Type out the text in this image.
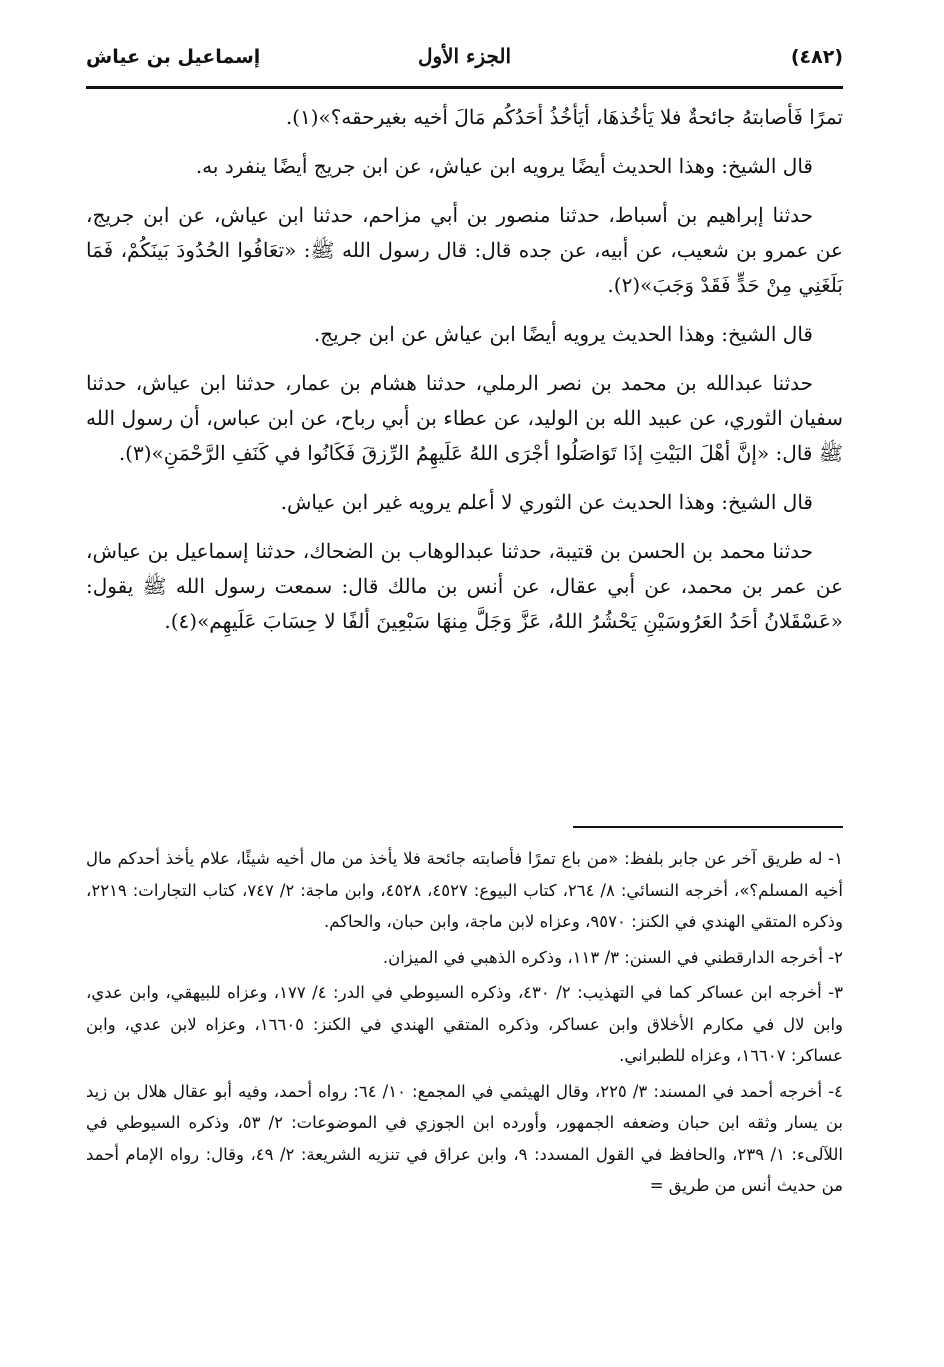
(٤٨٢)
الجزء الأول
إسماعيل بن عياش

تمرًا فَأصابتهُ جائحةٌ فلا يَأخُذهَا، أيَأخُذُ أحَدُكُم مَالَ أخيه بغيرحقه؟»(١).

قال الشيخ: وهذا الحديث أيضًا يرويه ابن عياش، عن ابن جريج أيضًا ينفرد به.

حدثنا إبراهيم بن أسباط، حدثنا منصور بن أبي مزاحم، حدثنا ابن عياش، عن ابن جريج، عن عمرو بن شعيب، عن أبيه، عن جده قال: قال رسول الله ﷺ: «تعَافُوا الحُدُودَ بَينَكُمْ، فَمَا بَلَغَنِي مِنْ حَدٍّ فَقَدْ وَجَبَ»(٢).

قال الشيخ: وهذا الحديث يرويه أيضًا ابن عياش عن ابن جريج.

حدثنا عبدالله بن محمد بن نصر الرملي، حدثنا هشام بن عمار، حدثنا ابن عياش، حدثنا سفيان الثوري، عن عبيد الله بن الوليد، عن عطاء بن أبي رباح، عن ابن عباس، أن رسول الله ﷺ قال: «إنَّ أهْلَ البَيْتِ إذَا تَوَاصَلُوا أجْرَى اللهُ عَلَيهِمُ الرِّزقَ فَكَانُوا في كَنَفِ الرَّحْمَنِ»(٣).

قال الشيخ: وهذا الحديث عن الثوري لا أعلم يرويه غير ابن عياش.

حدثنا محمد بن الحسن بن قتيبة، حدثنا عبدالوهاب بن الضحاك، حدثنا إسماعيل بن عياش، عن عمر بن محمد، عن أبي عقال، عن أنس بن مالك قال: سمعت رسول الله ﷺ يقول: «عَسْقَلانُ أحَدُ العَرُوسَيْنِ يَحْشُرُ اللهُ، عَزَّ وَجَلَّ مِنهَا سَبْعِينَ ألفًا لا حِسَابَ عَلَيهِم»(٤).

١- له طريق آخر عن جابر بلفظ: «من باع تمرًا فأصابته جائحة فلا يأخذ من مال أخيه شيئًا، علام يأخذ أحدكم مال أخيه المسلم؟»، أخرجه النسائي: ٨/ ٢٦٤، كتاب البيوع: ٤٥٢٧، ٤٥٢٨، وابن ماجة: ٢/ ٧٤٧، كتاب التجارات: ٢٢١٩، وذكره المتقي الهندي في الكنز: ٩٥٧٠، وعزاه لابن ماجة، وابن حبان، والحاكم.

٢- أخرجه الدارقطني في السنن: ٣/ ١١٣، وذكره الذهبي في الميزان.

٣- أخرجه ابن عساكر كما في التهذيب: ٢/ ٤٣٠، وذكره السيوطي في الدر: ٤/ ١٧٧، وعزاه للبيهقي، وابن عدي، وابن لال في مكارم الأخلاق وابن عساكر، وذكره المتقي الهندي في الكنز: ١٦٦٠٥، وعزاه لابن عدي، وابن عساكر: ١٦٦٠٧، وعزاه للطبراني.

٤- أخرجه أحمد في المسند: ٣/ ٢٢٥، وقال الهيثمي في المجمع: ١٠/ ٦٤: رواه أحمد، وفيه أبو عقال هلال بن زيد بن يسار وثقه ابن حبان وضعفه الجمهور، وأورده ابن الجوزي في الموضوعات: ٢/ ٥٣، وذكره السيوطي في اللآلىء: ١/ ٢٣٩، والحافظ في القول المسدد: ٩، وابن عراق في تنزيه الشريعة: ٢/ ٤٩، وقال: رواه الإمام أحمد من حديث أنس من طريق =
